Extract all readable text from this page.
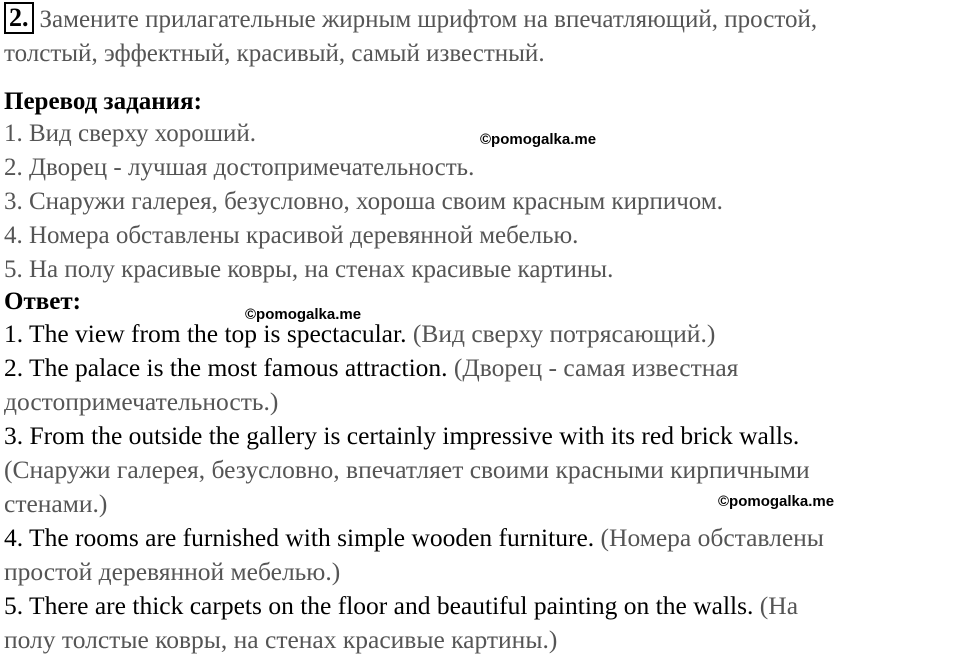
2. Замените прилагательные жирным шрифтом на впечатляющий, простой,
толстый, эффектный, красивый, самый известный.
Перевод задания:
1. Вид сверху хороший.
2. Дворец - лучшая достопримечательность.
3. Снаружи галерея, безусловно, хороша своим красным кирпичом.
4. Номера обставлены красивой деревянной мебелью.
5. На полу красивые ковры, на стенах красивые картины.
Ответ:
1. The view from the top is spectacular. (Вид сверху потрясающий.)
2. The palace is the most famous attraction. (Дворец - самая известная
достопримечательность.)
3. From the outside the gallery is certainly impressive with its red brick walls.
(Снаружи галерея, безусловно, впечатляет своими красными кирпичными
стенами.)
4. The rooms are furnished with simple wooden furniture. (Номера обставлены
простой деревянной мебелью.)
5. There are thick carpets on the floor and beautiful painting on the walls. (На
полу толстые ковры, на стенах красивые картины.)
©pomogalka.me
©pomogalka.me
©pomogalka.me
